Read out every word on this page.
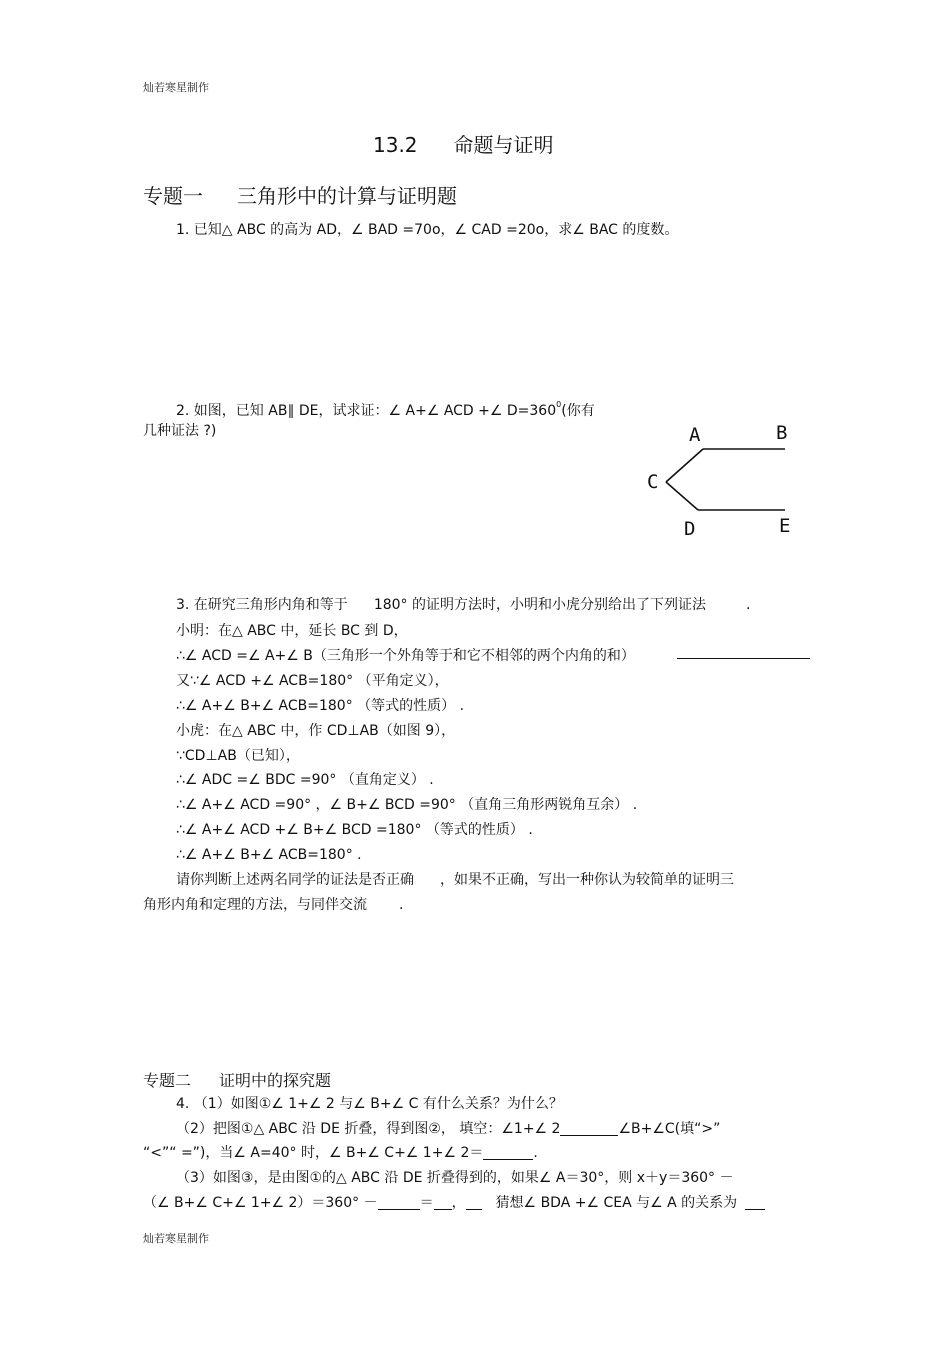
灿若寒星制作
13.2 命题与证明
专题一 三角形中的计算与证明题
1. 已知△ ABC 的高为 AD，∠ BAD =70o，∠ CAD =20o，求∠ BAC 的度数。
2. 如图，已知 AB∥ DE，试求证：∠ A+∠ ACD +∠ $D=360^0$(你有
几种证法 ?)	A	B
C
D	E
3. 在研究三角形内角和等于 180° 的证明方法时，小明和小虎分别给出了下列证法	.
小明：在△ ABC 中，延长 BC 到 D，
∴∠ ACD =∠ A+∠ B（三角形一个外角等于和它不相邻的两个内角的和）
又∵∠ ACD +∠ ACB=180° （平角定义），
∴∠ A+∠ B+∠ ACB=180° （等式的性质） .
小虎：在△ ABC 中，作 CD⊥AB（如图 9），
∵CD⊥AB（已知），
∴∠ ADC =∠ BDC =90° （直角定义） .
∴∠ A+∠ ACD =90° ，∠ B+∠ BCD =90° （直角三角形两锐角互余） .
∴∠ A+∠ ACD +∠ B+∠ BCD =180° （等式的性质） .
∴∠ A+∠ B+∠ ACB=180° .
请你判断上述两名同学的证法是否正确 ，如果不正确，写出一种你认为较简单的证明三
角形内角和定理的方法，与同伴交流 .
专题二 证明中的探究题
4. （1）如图①∠ 1+∠ 2 与∠ B+∠ C 有什么关系？为什么？
（2）把图①△ ABC 沿 DE 折叠，得到图②， 填空：∠1+∠ 2	∠B+∠C(填“>”
“<”“ =”)，当∠ A=40° 时，∠ B+∠ C+∠ 1+∠ 2＝	.
（3）如图③，是由图①的△ ABC 沿 DE 折叠得到的，如果∠ A＝30°，则 x＋y＝360° －
（∠ B+∠ C+∠ 1+∠ 2）＝360° －	＝ ， 猜想∠ BDA +∠ CEA 与∠ A 的关系为
灿若寒星制作
